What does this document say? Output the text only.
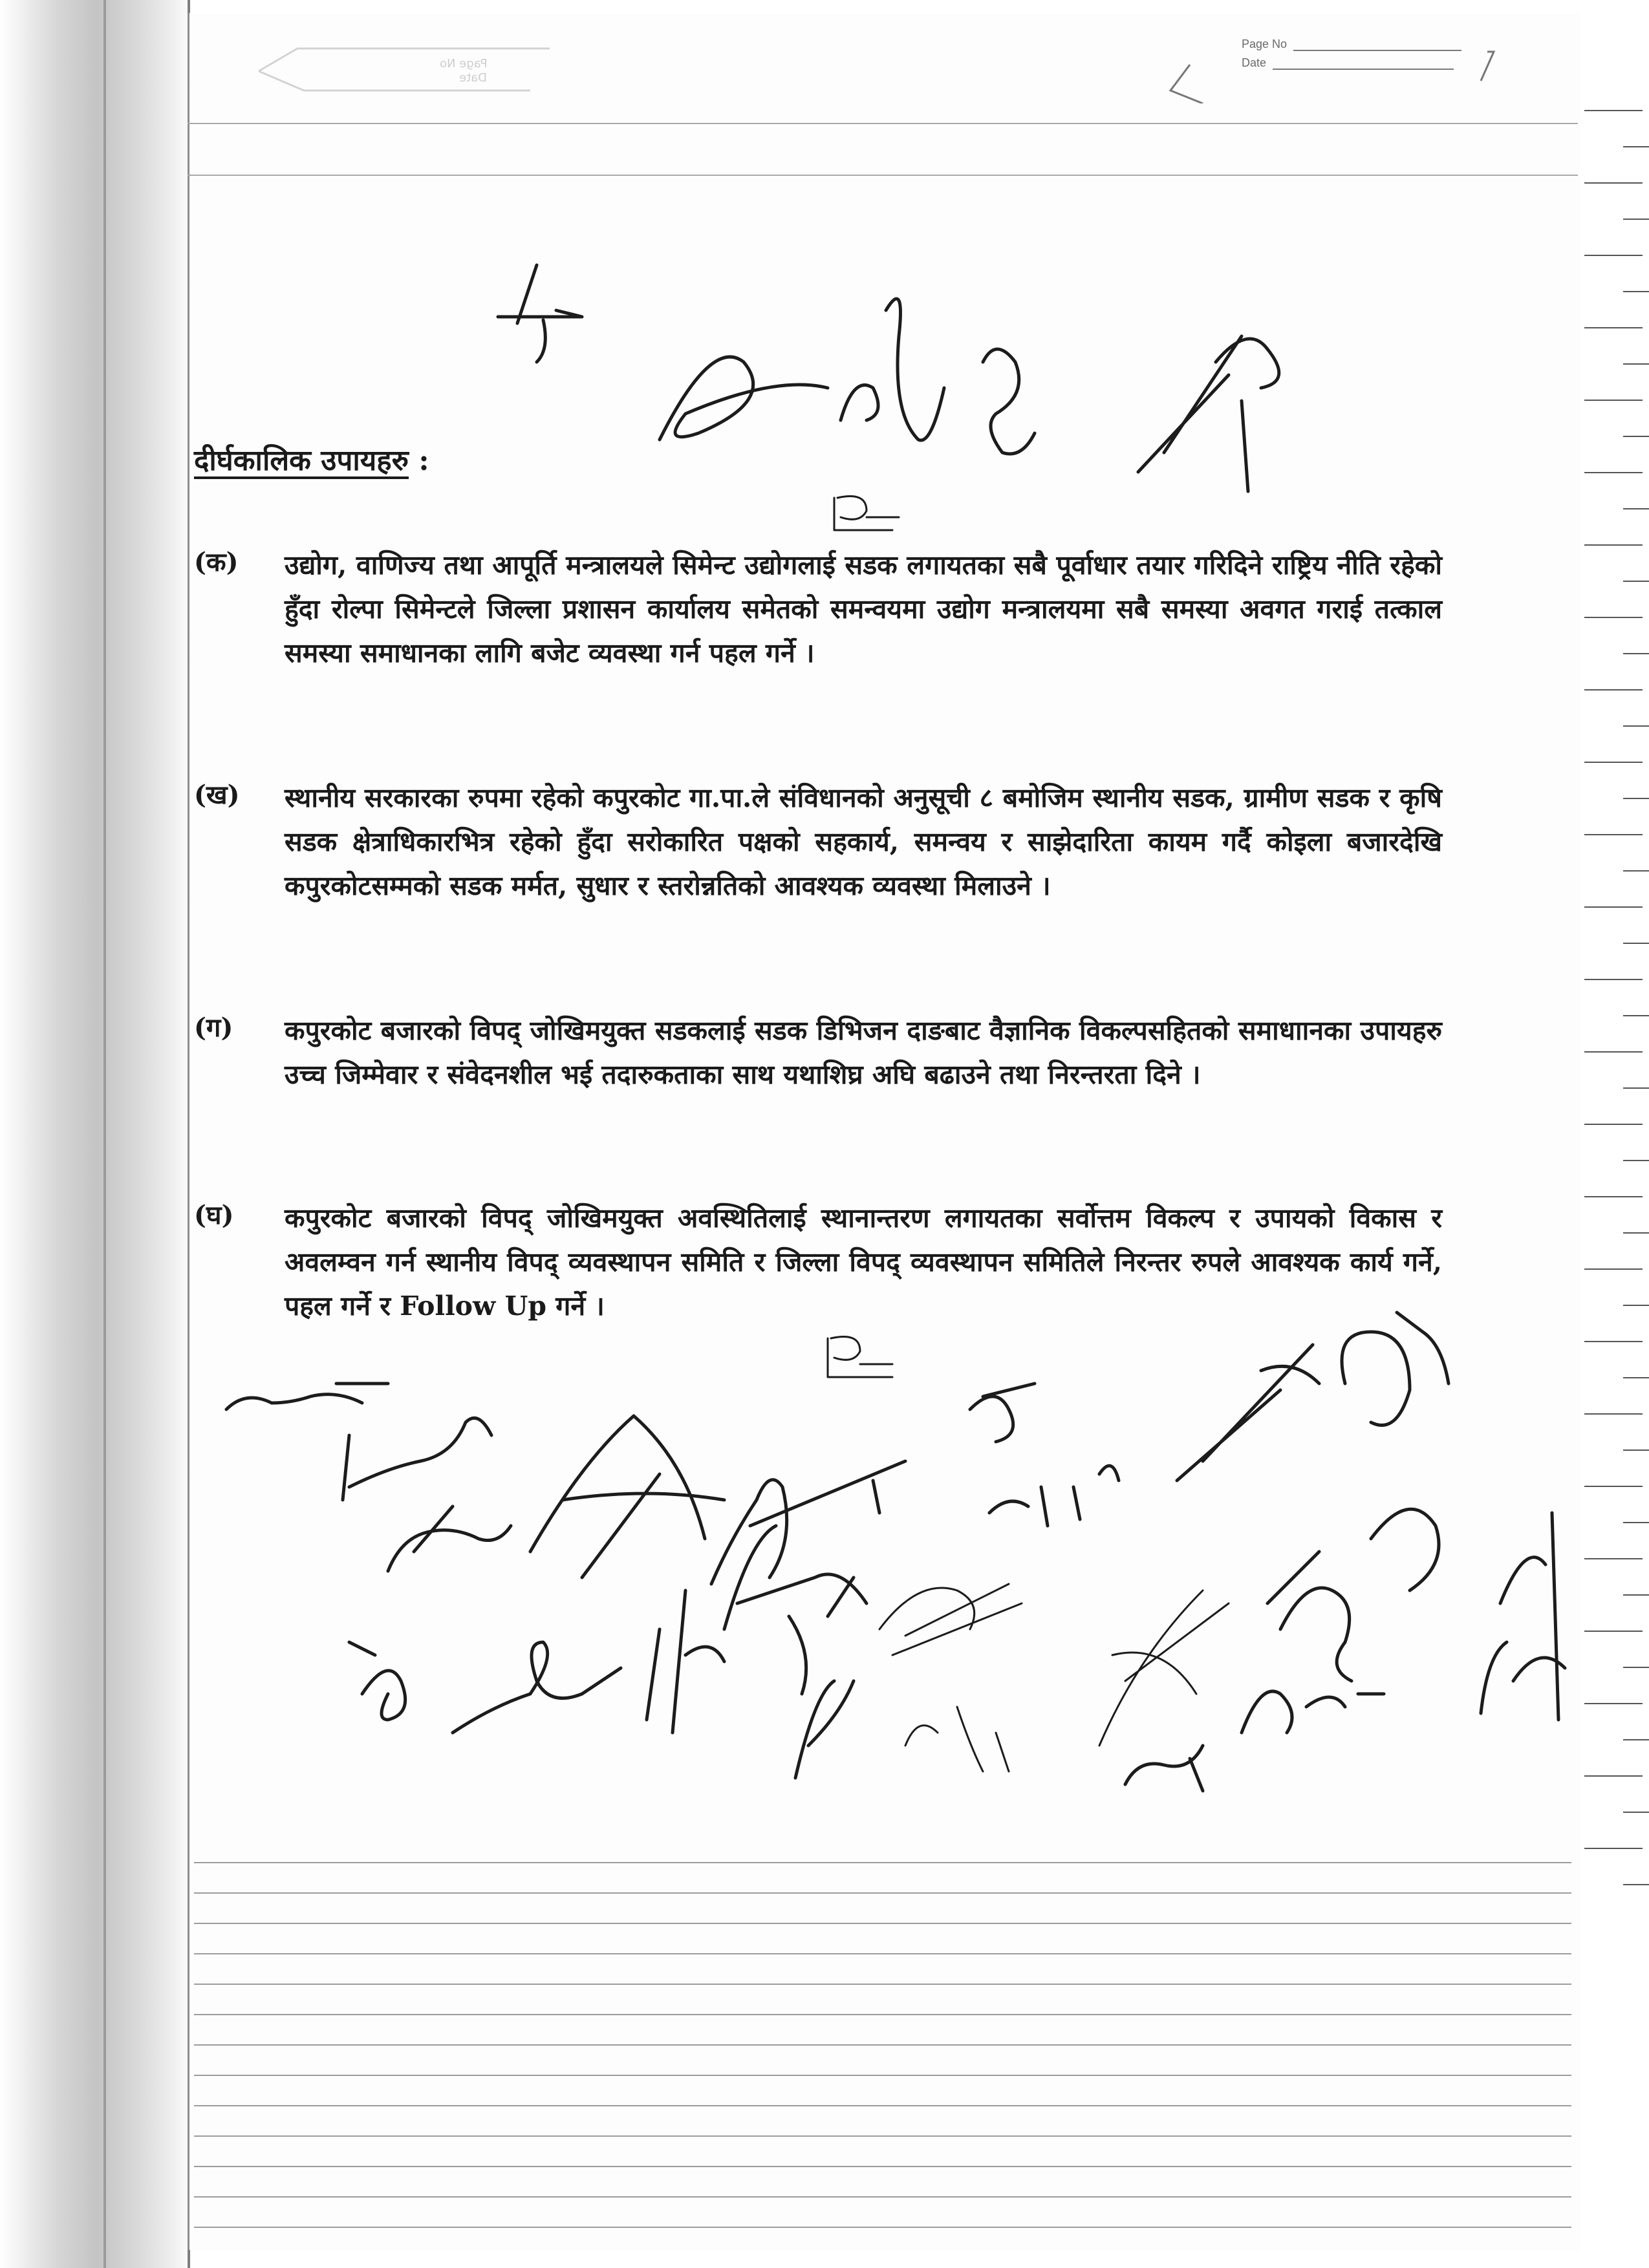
Page No
Date
Page No
Date
दीर्घकालिक उपायहरु :
(क) उद्योग, वाणिज्य तथा आपूर्ति मन्त्रालयले सिमेन्ट उद्योगलाई सडक लगायतका सबै पूर्वाधार तयार गरिदिने राष्ट्रिय नीति रहेको हुँदा रोल्पा सिमेन्टले जिल्ला प्रशासन कार्यालय समेतको समन्वयमा उद्योग मन्त्रालयमा सबै समस्या अवगत गराई तत्काल समस्या समाधानका लागि बजेट व्यवस्था गर्न पहल गर्ने ।
(ख) स्थानीय सरकारका रुपमा रहेको कपुरकोट गा.पा.ले संविधानको अनुसूची ८ बमोजिम स्थानीय सडक, ग्रामीण सडक र कृषि सडक क्षेत्राधिकारभित्र रहेको हुँदा सरोकारित पक्षको सहकार्य, समन्वय र साझेदारिता कायम गर्दै कोइला बजारदेखि कपुरकोटसम्मको सडक मर्मत, सुधार र स्तरोन्नतिको आवश्यक व्यवस्था मिलाउने ।
(ग) कपुरकोट बजारको विपद् जोखिमयुक्त सडकलाई सडक डिभिजन दाङबाट वैज्ञानिक विकल्पसहितको समाधाानका उपायहरु उच्च जिम्मेवार र संवेदनशील भई तदारुकताका साथ यथाशिघ्र अघि बढाउने तथा निरन्तरता दिने ।
(घ) कपुरकोट बजारको विपद् जोखिमयुक्त अवस्थितिलाई स्थानान्तरण लगायतका सर्वोत्तम विकल्प र उपायको विकास र अवलम्वन गर्न स्थानीय विपद् व्यवस्थापन समिति र जिल्ला विपद् व्यवस्थापन समितिले निरन्तर रुपले आवश्यक कार्य गर्ने, पहल गर्ने र Follow Up गर्ने ।
